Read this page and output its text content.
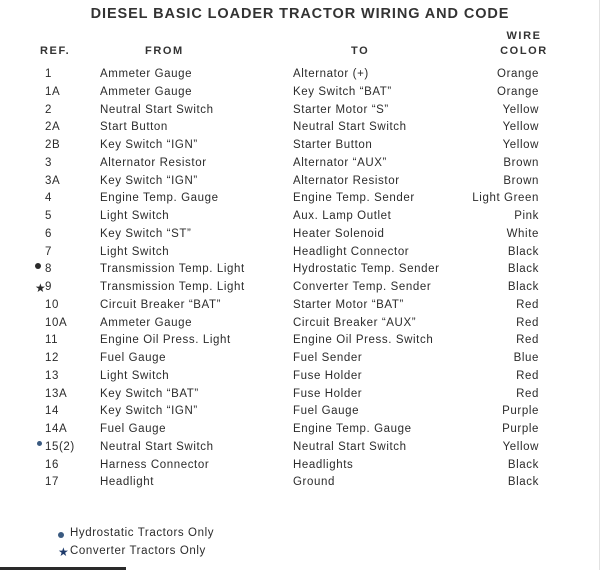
DIESEL BASIC LOADER TRACTOR WIRING AND CODE
REF.	FROM	TO
WIRE
COLOR
1	Ammeter Gauge	Alternator (+)	Orange
1A	Ammeter Gauge	Key Switch “BAT”	Orange
2	Neutral Start Switch	Starter Motor “S”	Yellow
2A	Start Button	Neutral Start Switch	Yellow
2B	Key Switch “IGN”	Starter Button	Yellow
3	Alternator Resistor	Alternator “AUX”	Brown
3A	Key Switch “IGN”	Alternator Resistor	Brown
4	Engine Temp. Gauge	Engine Temp. Sender	Light Green
5	Light Switch	Aux. Lamp Outlet	Pink
6	Key Switch “ST”	Heater Solenoid	White
7	Light Switch	Headlight Connector	Black
8	Transmission Temp. Light	Hydrostatic Temp. Sender	Black
★
9	Transmission Temp. Light	Converter Temp. Sender	Black
10	Circuit Breaker “BAT”	Starter Motor “BAT”	Red
10A	Ammeter Gauge	Circuit Breaker “AUX”	Red
11	Engine Oil Press. Light	Engine Oil Press. Switch	Red
12	Fuel Gauge	Fuel Sender	Blue
13	Light Switch	Fuse Holder	Red
13A	Key Switch “BAT”	Fuse Holder	Red
14	Key Switch “IGN”	Fuel Gauge	Purple
14A	Fuel Gauge	Engine Temp. Gauge	Purple
15(2) Neutral Start Switch	Neutral Start Switch	Yellow
16	Harness Connector	Headlights	Black
17	Headlight	Ground	Black
Hydrostatic Tractors Only
★ Converter Tractors Only
